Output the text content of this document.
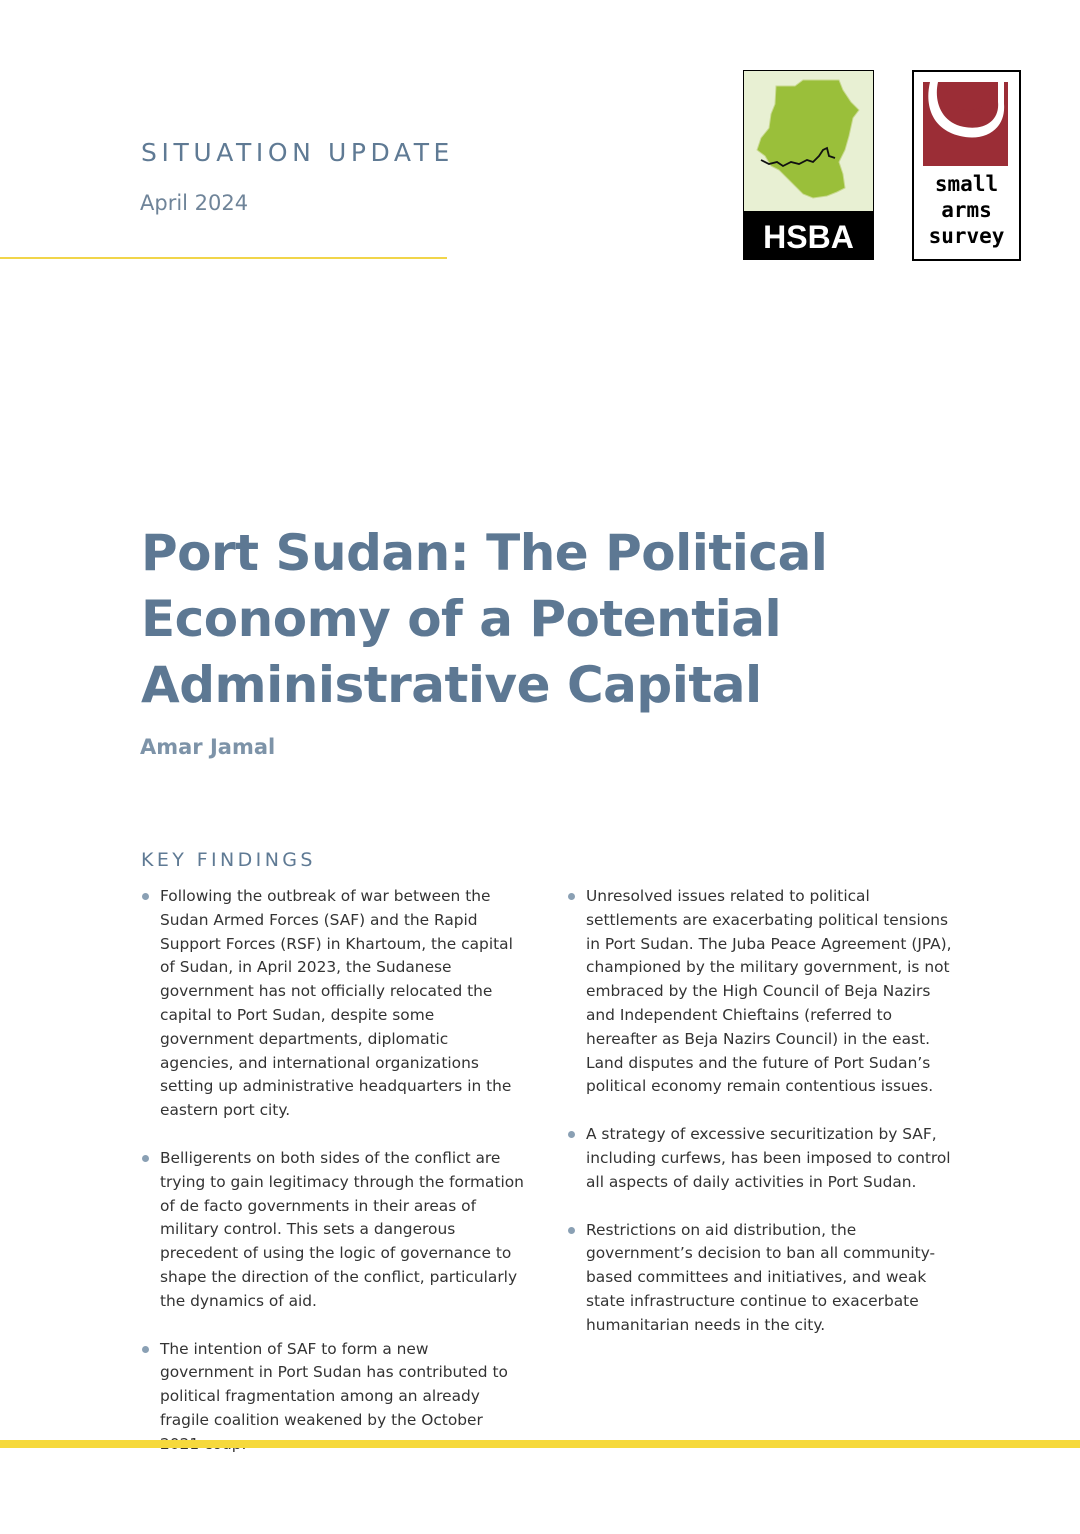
SITUATION UPDATE
April 2024
HSBA
small
arms
survey
Port Sudan: The Political
Economy of a Potential
Administrative Capital
Amar Jamal
KEY FINDINGS
Following the outbreak of war between the Sudan Armed Forces (SAF) and the Rapid Support Forces (RSF) in Khartoum, the capital of Sudan, in April 2023, the Sudanese government has not officially relocated the capital to Port Sudan, despite some government departments, diplomatic agencies, and international organizations setting up administrative headquarters in the eastern port city.
Belligerents on both sides of the conflict are trying to gain legitimacy through the formation of de facto governments in their areas of military control. This sets a dangerous precedent of using the logic of governance to shape the direction of the conflict, particularly the dynamics of aid.
The intention of SAF to form a new government in Port Sudan has contributed to political fragmentation among an already fragile coalition weakened by the October
Unresolved issues related to political settlements are exacerbating political tensions in Port Sudan. The Juba Peace Agreement (JPA), championed by the military government, is not embraced by the High Council of Beja Nazirs and Independent Chieftains (referred to hereafter as Beja Nazirs Council) in the east. Land disputes and the future of Port Sudan’s political economy remain contentious issues.
A strategy of excessive securitization by SAF, including curfews, has been imposed to control all aspects of daily activities in Port Sudan.
Restrictions on aid distribution, the government’s decision to ban all community-based committees and initiatives, and weak state infrastructure continue to exacerbate humanitarian needs in the city.
